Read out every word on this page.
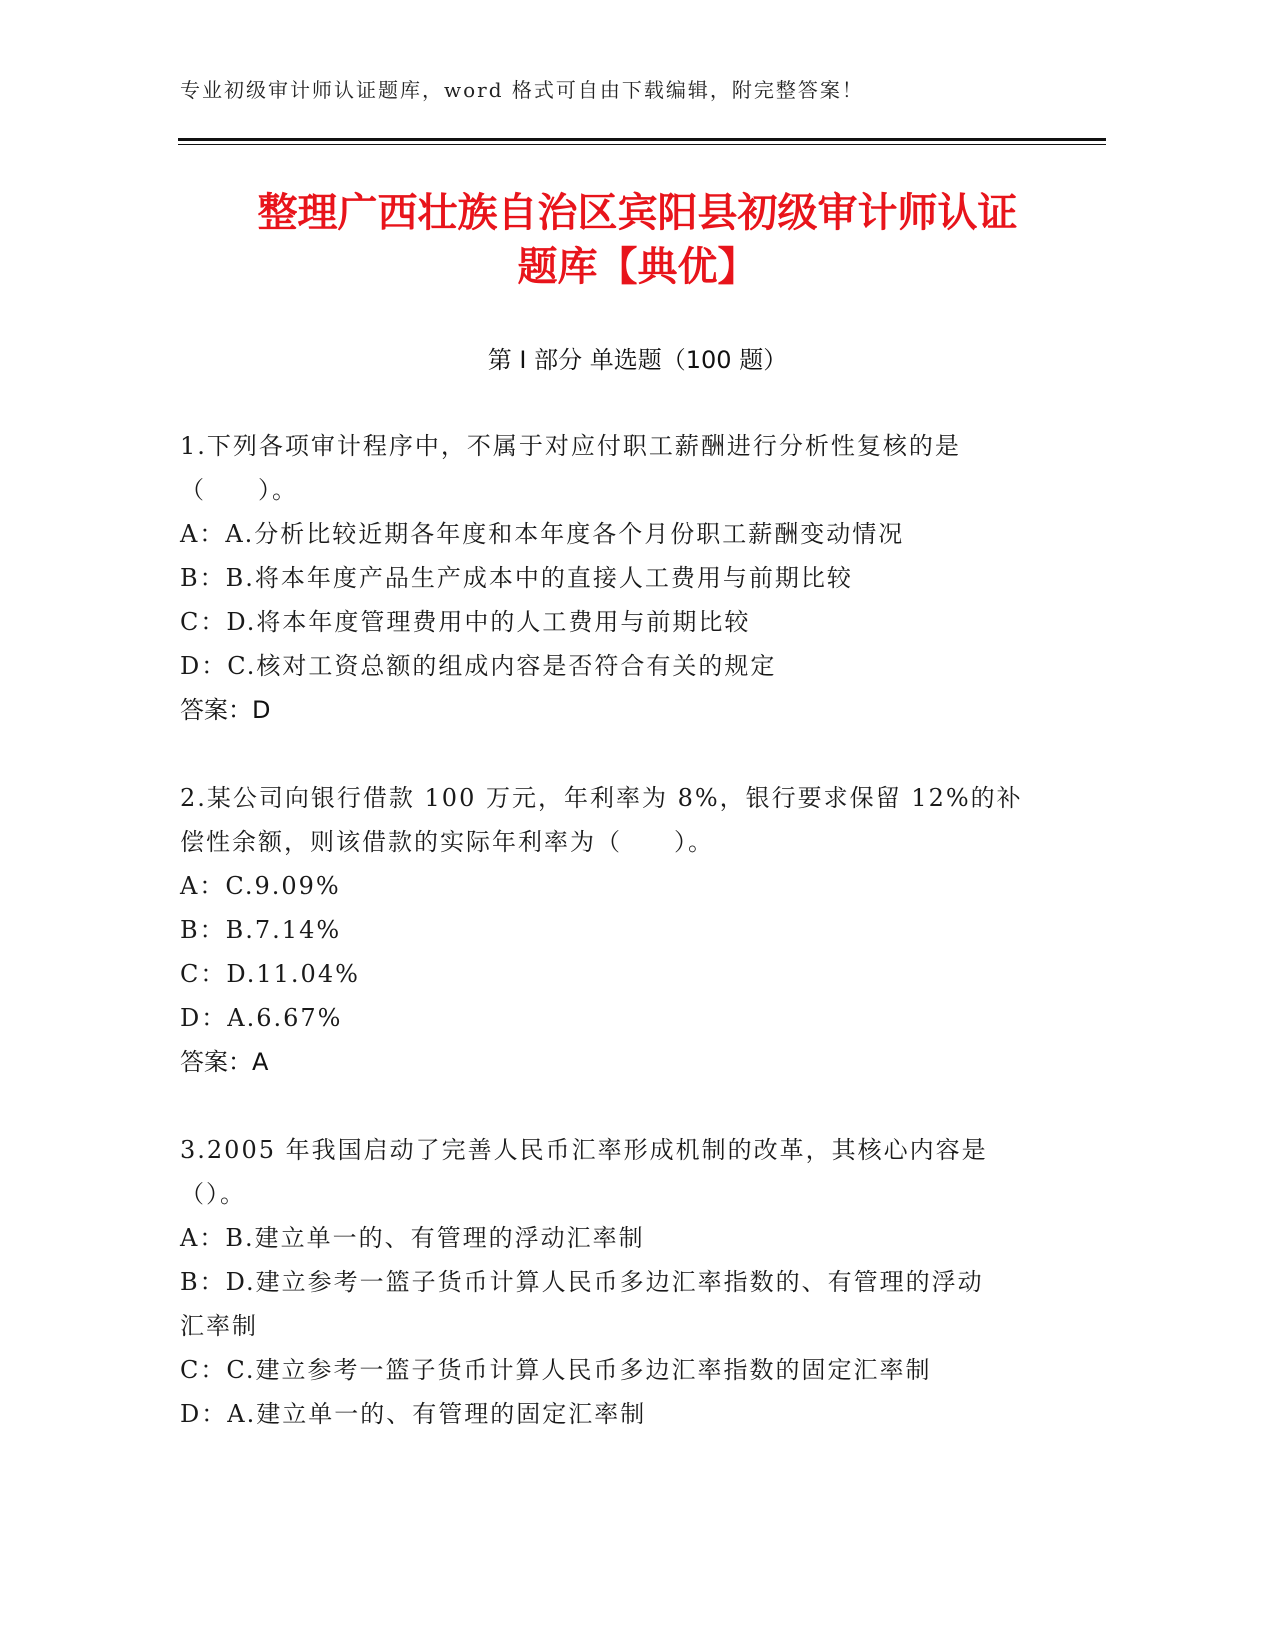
专业初级审计师认证题库，word 格式可自由下载编辑，附完整答案！
整理广西壮族自治区宾阳县初级审计师认证
题库【典优】
第 I 部分 单选题（100 题）
1.下列各项审计程序中，不属于对应付职工薪酬进行分析性复核的是
（　　）。
A：A.分析比较近期各年度和本年度各个月份职工薪酬变动情况
B：B.将本年度产品生产成本中的直接人工费用与前期比较
C：D.将本年度管理费用中的人工费用与前期比较
D：C.核对工资总额的组成内容是否符合有关的规定
答案：D
2.某公司向银行借款 100 万元，年利率为 8%，银行要求保留 12%的补
偿性余额，则该借款的实际年利率为（　　）。
A：C.9.09%
B：B.7.14%
C：D.11.04%
D：A.6.67%
答案：A
3.2005 年我国启动了完善人民币汇率形成机制的改革，其核心内容是
（）。
A：B.建立单一的、有管理的浮动汇率制
B：D.建立参考一篮子货币计算人民币多边汇率指数的、有管理的浮动
汇率制
C：C.建立参考一篮子货币计算人民币多边汇率指数的固定汇率制
D：A.建立单一的、有管理的固定汇率制
